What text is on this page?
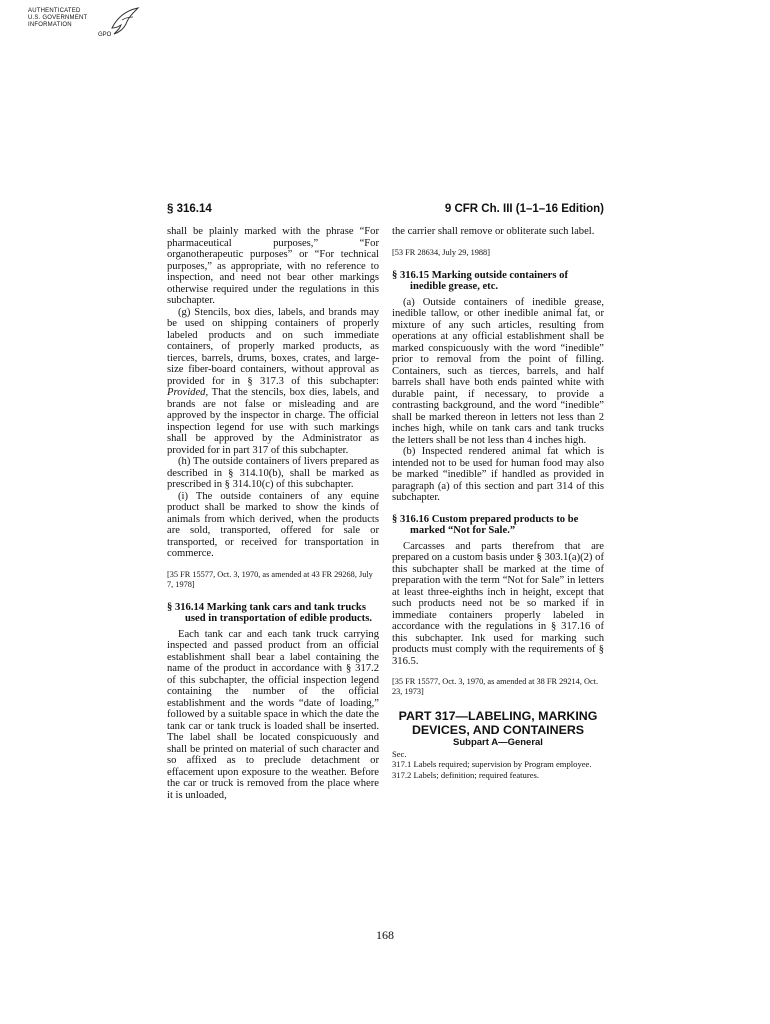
AUTHENTICATED
U.S. GOVERNMENT
INFORMATION
GPO
§ 316.14	9 CFR Ch. III (1–1–16 Edition)

shall be plainly marked with the phrase “For pharmaceutical purposes,” “For organotherapeutic purposes” or “For technical purposes,” as appropriate, with no reference to inspection, and need not bear other markings otherwise required under the regulations in this subchapter.

(g) Stencils, box dies, labels, and brands may be used on shipping containers of properly labeled products and on such immediate containers, of properly marked products, as tierces, barrels, drums, boxes, crates, and large-size fiber-board containers, without approval as provided for in § 317.3 of this subchapter: Provided, That the stencils, box dies, labels, and brands are not false or misleading and are approved by the inspector in charge. The official inspection legend for use with such markings shall be approved by the Administrator as provided for in part 317 of this subchapter.

(h) The outside containers of livers prepared as described in § 314.10(b), shall be marked as prescribed in § 314.10(c) of this subchapter.

(i) The outside containers of any equine product shall be marked to show the kinds of animals from which derived, when the products are sold, transported, offered for sale or transported, or received for transportation in commerce.

[35 FR 15577, Oct. 3, 1970, as amended at 43 FR 29268, July 7, 1978]

§ 316.14 Marking tank cars and tank trucks used in transportation of edible products.

Each tank car and each tank truck carrying inspected and passed product from an official establishment shall bear a label containing the name of the product in accordance with § 317.2 of this subchapter, the official inspection legend containing the number of the official establishment and the words “date of loading,” followed by a suitable space in which the date the tank car or tank truck is loaded shall be inserted. The label shall be located conspicuously and shall be printed on material of such character and so affixed as to preclude detachment or effacement upon exposure to the weather. Before the car or truck is removed from the place where it is unloaded,

the carrier shall remove or obliterate such label.

[53 FR 28634, July 29, 1988]

§ 316.15 Marking outside containers of inedible grease, etc.

(a) Outside containers of inedible grease, inedible tallow, or other inedible animal fat, or mixture of any such articles, resulting from operations at any official establishment shall be marked conspicuously with the word “inedible” prior to removal from the point of filling. Containers, such as tierces, barrels, and half barrels shall have both ends painted white with durable paint, if necessary, to provide a contrasting background, and the word “inedible” shall be marked thereon in letters not less than 2 inches high, while on tank cars and tank trucks the letters shall be not less than 4 inches high.

(b) Inspected rendered animal fat which is intended not to be used for human food may also be marked “inedible” if handled as provided in paragraph (a) of this section and part 314 of this subchapter.

§ 316.16 Custom prepared products to be marked “Not for Sale.”

Carcasses and parts therefrom that are prepared on a custom basis under § 303.1(a)(2) of this subchapter shall be marked at the time of preparation with the term “Not for Sale” in letters at least three-eighths inch in height, except that such products need not be so marked if in immediate containers properly labeled in accordance with the regulations in § 317.16 of this subchapter. Ink used for marking such products must comply with the requirements of § 316.5.

[35 FR 15577, Oct. 3, 1970, as amended at 38 FR 29214, Oct. 23, 1973]

PART 317—LABELING, MARKING DEVICES, AND CONTAINERS

Subpart A—General

Sec.
317.1 Labels required; supervision by Program employee.
317.2 Labels; definition; required features.
168
